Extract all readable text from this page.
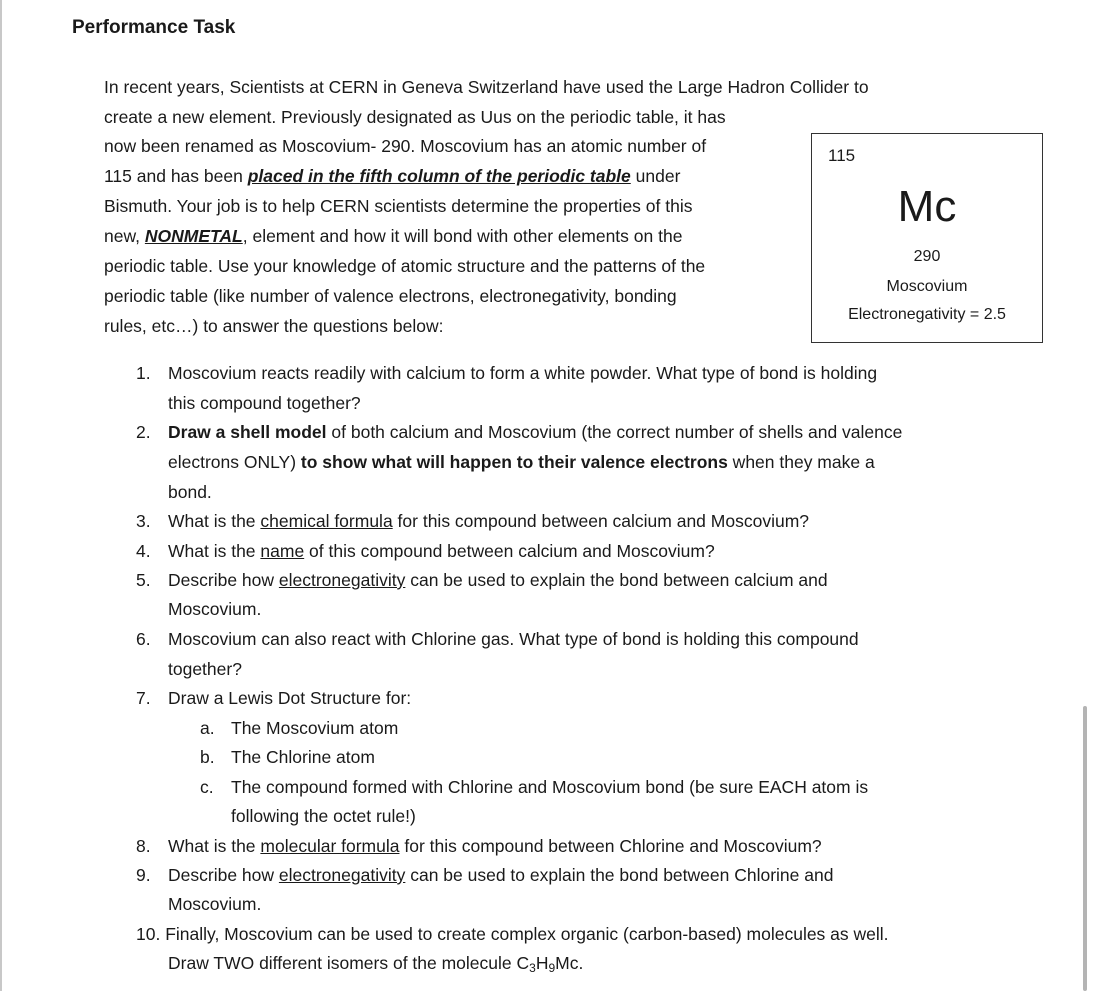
Performance Task
In recent years, Scientists at CERN in Geneva Switzerland have used the Large Hadron Collider to
create a new element. Previously designated as Uus on the periodic table, it has
now been renamed as Moscovium- 290. Moscovium has an atomic number of
115 and has been placed in the fifth column of the periodic table under
Bismuth. Your job is to help CERN scientists determine the properties of this
new, NONMETAL, element and how it will bond with other elements on the
periodic table. Use your knowledge of atomic structure and the patterns of the
periodic table (like number of valence electrons, electronegativity, bonding
rules, etc…) to answer the questions below:
115
Mc
290
Moscovium
Electronegativity = 2.5
1. Moscovium reacts readily with calcium to form a white powder. What type of bond is holding
this compound together?
2. Draw a shell model of both calcium and Moscovium (the correct number of shells and valence
electrons ONLY) to show what will happen to their valence electrons when they make a
bond.
3. What is the chemical formula for this compound between calcium and Moscovium?
4. What is the name of this compound between calcium and Moscovium?
5. Describe how electronegativity can be used to explain the bond between calcium and
Moscovium.
6. Moscovium can also react with Chlorine gas. What type of bond is holding this compound
together?
7. Draw a Lewis Dot Structure for:
a. The Moscovium atom
b. The Chlorine atom
c. The compound formed with Chlorine and Moscovium bond (be sure EACH atom is
following the octet rule!)
8. What is the molecular formula for this compound between Chlorine and Moscovium?
9. Describe how electronegativity can be used to explain the bond between Chlorine and
Moscovium.
10. Finally, Moscovium can be used to create complex organic (carbon-based) molecules as well.
Draw TWO different isomers of the molecule $C_3H_9Mc$.
